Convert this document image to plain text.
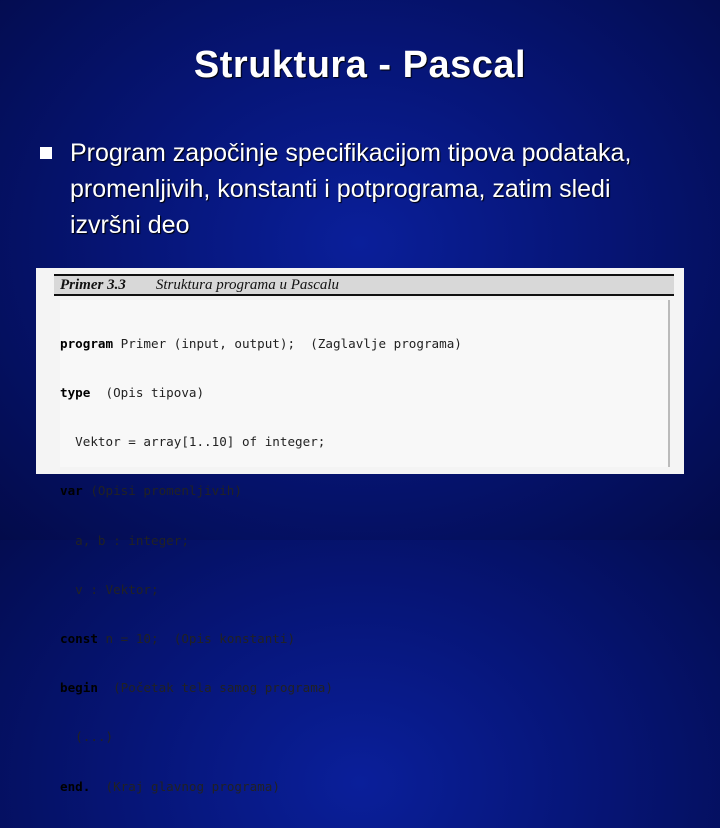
Struktura - Pascal
Program započinje specifikacijom tipova podataka, promenljivih, konstanti i potprograma, zatim sledi izvršni deo
Primer 3.3 Struktura programa u Pascalu

program Primer (input, output);  (Zaglavlje programa)

type  (Opis tipova)

Vektor = array[1..10] of integer;

var (Opisi promenljivih)

a, b : integer;

v : Vektor;

const n = 10;  (Opis konstanti)

begin  (Početak tela samog programa)

(...)

end.  (Kraj glavnog programa)
